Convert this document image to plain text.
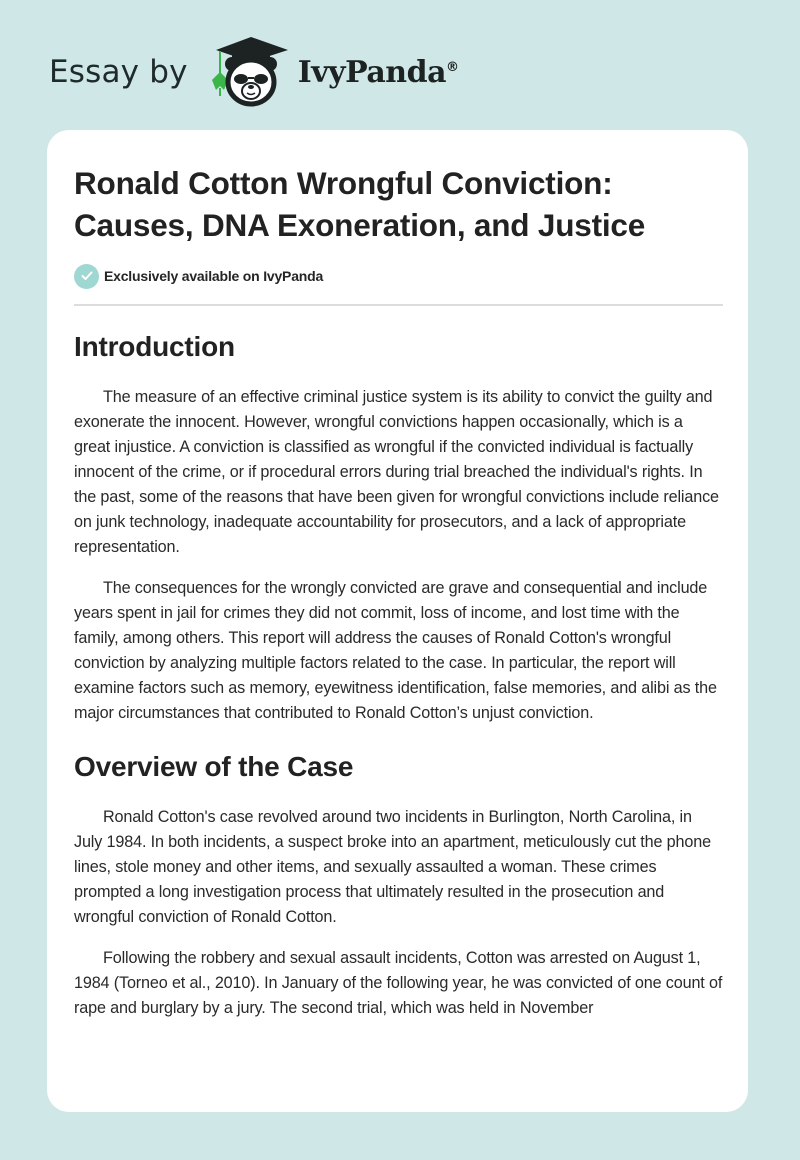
Essay by	IvyPanda®
Ronald Cotton Wrongful Conviction: Causes, DNA Exoneration, and Justice
Exclusively available on IvyPanda
Introduction

The measure of an effective criminal justice system is its ability to convict the guilty and exonerate the innocent. However, wrongful convictions happen occasionally, which is a great injustice. A conviction is classified as wrongful if the convicted individual is factually innocent of the crime, or if procedural errors during trial breached the individual's rights. In the past, some of the reasons that have been given for wrongful convictions include reliance on junk technology, inadequate accountability for prosecutors, and a lack of appropriate representation.

The consequences for the wrongly convicted are grave and consequential and include years spent in jail for crimes they did not commit, loss of income, and lost time with the family, among others. This report will address the causes of Ronald Cotton's wrongful conviction by analyzing multiple factors related to the case. In particular, the report will examine factors such as memory, eyewitness identification, false memories, and alibi as the major circumstances that contributed to Ronald Cotton’s unjust conviction.

Overview of the Case

Ronald Cotton's case revolved around two incidents in Burlington, North Carolina, in July 1984. In both incidents, a suspect broke into an apartment, meticulously cut the phone lines, stole money and other items, and sexually assaulted a woman. These crimes prompted a long investigation process that ultimately resulted in the prosecution and wrongful conviction of Ronald Cotton.

Following the robbery and sexual assault incidents, Cotton was arrested on August 1, 1984 (Torneo et al., 2010). In January of the following year, he was convicted of one count of rape and burglary by a jury. The second trial, which was held in November
